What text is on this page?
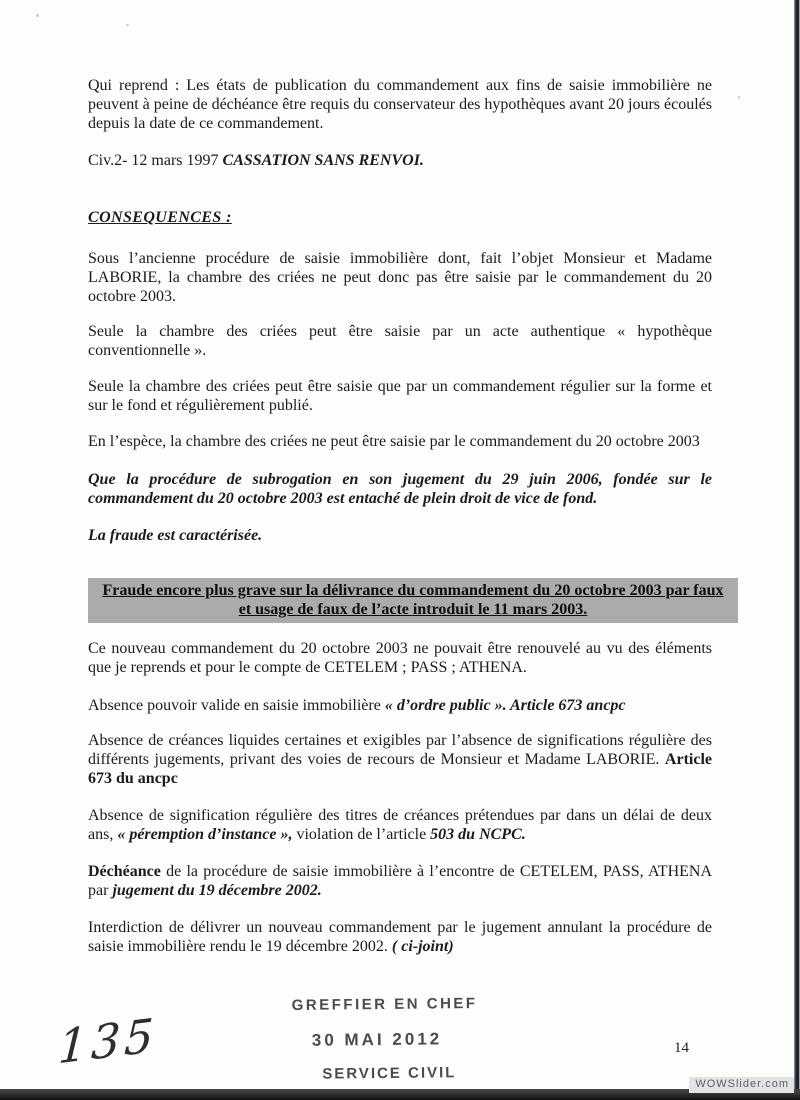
Qui reprend : Les états de publication du commandement aux fins de saisie immobilière ne peuvent à peine de déchéance être requis du conservateur des hypothèques avant 20 jours écoulés depuis la date de ce commandement.

Civ.2- 12 mars 1997 CASSATION SANS RENVOI.

CONSEQUENCES :

Sous l’ancienne procédure de saisie immobilière dont, fait l’objet Monsieur et Madame LABORIE, la chambre des criées ne peut donc pas être saisie par le commandement du 20 octobre 2003.

Seule la chambre des criées peut être saisie par un acte authentique « hypothèque conventionnelle ».

Seule la chambre des criées peut être saisie que par un commandement régulier sur la forme et sur le fond et régulièrement publié.

En l’espèce, la chambre des criées ne peut être saisie par le commandement du 20 octobre 2003

Que la procédure de subrogation en son jugement du 29 juin 2006, fondée sur le commandement du 20 octobre 2003 est entaché de plein droit de vice de fond.

La fraude est caractérisée.

Fraude encore plus grave sur la délivrance du commandement du 20 octobre 2003 par faux et usage de faux de l’acte introduit le 11 mars 2003.

Ce nouveau commandement du 20 octobre 2003 ne pouvait être renouvelé au vu des éléments que je reprends et pour le compte de CETELEM ; PASS ; ATHENA.

Absence pouvoir valide en saisie immobilière « d’ordre public ». Article 673 ancpc

Absence de créances liquides certaines et exigibles par l’absence de significations régulière des différents jugements, privant des voies de recours de Monsieur et Madame LABORIE. Article 673 du ancpc

Absence de signification régulière des titres de créances prétendues par dans un délai de deux ans, « péremption d’instance », violation de l’article 503 du NCPC.

Déchéance de la procédure de saisie immobilière à l’encontre de CETELEM, PASS, ATHENA par jugement du 19 décembre 2002.

Interdiction de délivrer un nouveau commandement par le jugement annulant la procédure de saisie immobilière rendu le 19 décembre 2002. ( ci-joint)

GREFFIER EN CHEF
30 MAI 2012
SERVICE CIVIL
135	14
WOWSlider.com
